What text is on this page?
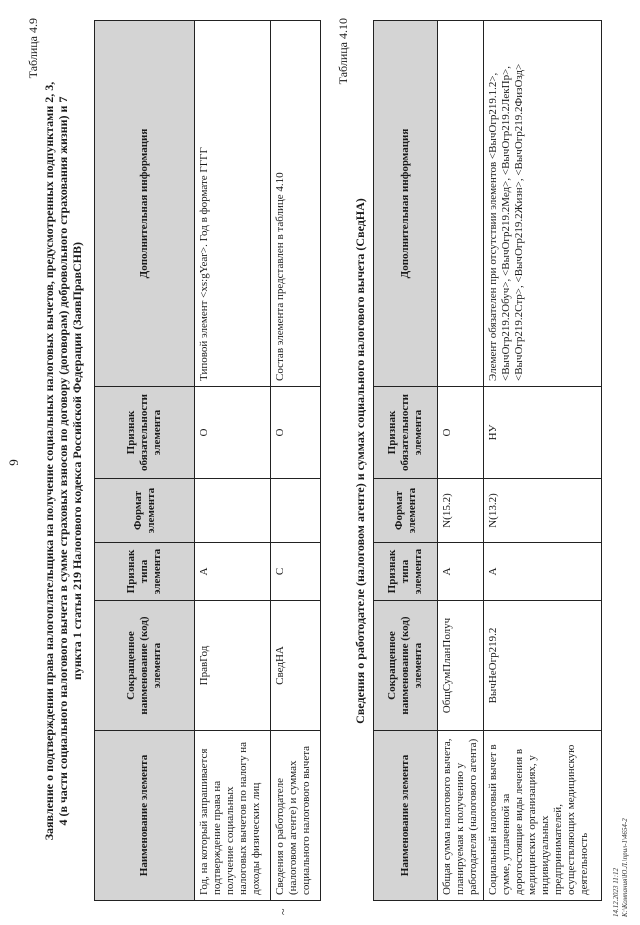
9
Таблица 4.9
Заявление о подтверждении права налогоплательщика на получение социальных налоговых вычетов, предусмотренных подпунктами 2, 3, 4 (в части социального налогового вычета в сумме страховых взносов по договору (договорам) добровольного страхования жизни) и 7 пункта 1 статьи 219 Налогового кодекса Российской Федерации (ЗаявПравСНВ)
Наименование элемента	Сокращенное наименование (код) элемента	Признак типа элемента	Формат элемента	Признак обязательности элемента	Дополнительная информация
Год, на который запрашивается подтверждение права на получение социальных налоговых вычетов по налогу на доходы физических лиц	ПравГод	А		О	Типовой элемент <xs:gYear>. Год в формате ГГГГ
Сведения о работодателе (налоговом агенте) и суммах социального налогового вычета	СведНА	С		О	Состав элемента представлен в таблице 4.10
Таблица 4.10
Сведения о работодателе (налоговом агенте) и суммах социального налогового вычета (СведНА)
Наименование элемента	Сокращенное наименование (код) элемента	Признак типа элемента	Формат элемента	Признак обязательности элемента	Дополнительная информация
Общая сумма налогового вычета, планируемая к получению у работодателя (налогового агента)	ОбщСумПланПолуч	А	N(15.2)	О	
Социальный налоговый вычет в сумме, уплаченной за дорогостоящие виды лечения в медицинских организациях, у индивидуальных предпринимателей, осуществляющих медицинскую деятельность	ВычНеОгр219.2	А	N(13.2)	НУ	Элемент обязателен при отсутствии элементов <ВычОгр219.1.2>, <ВычОгр219.2Обуч>, <ВычОгр219.2Мед>, <ВычОгр219.2ЛекПр>, <ВычОгр219.2Стр>, <ВычОгр219.2Жизн>, <ВычОгр219.2ФизОзд>
~	14.12.2023 11:12 К:\Компания\Ю.Л.\прил-1\4654-2
